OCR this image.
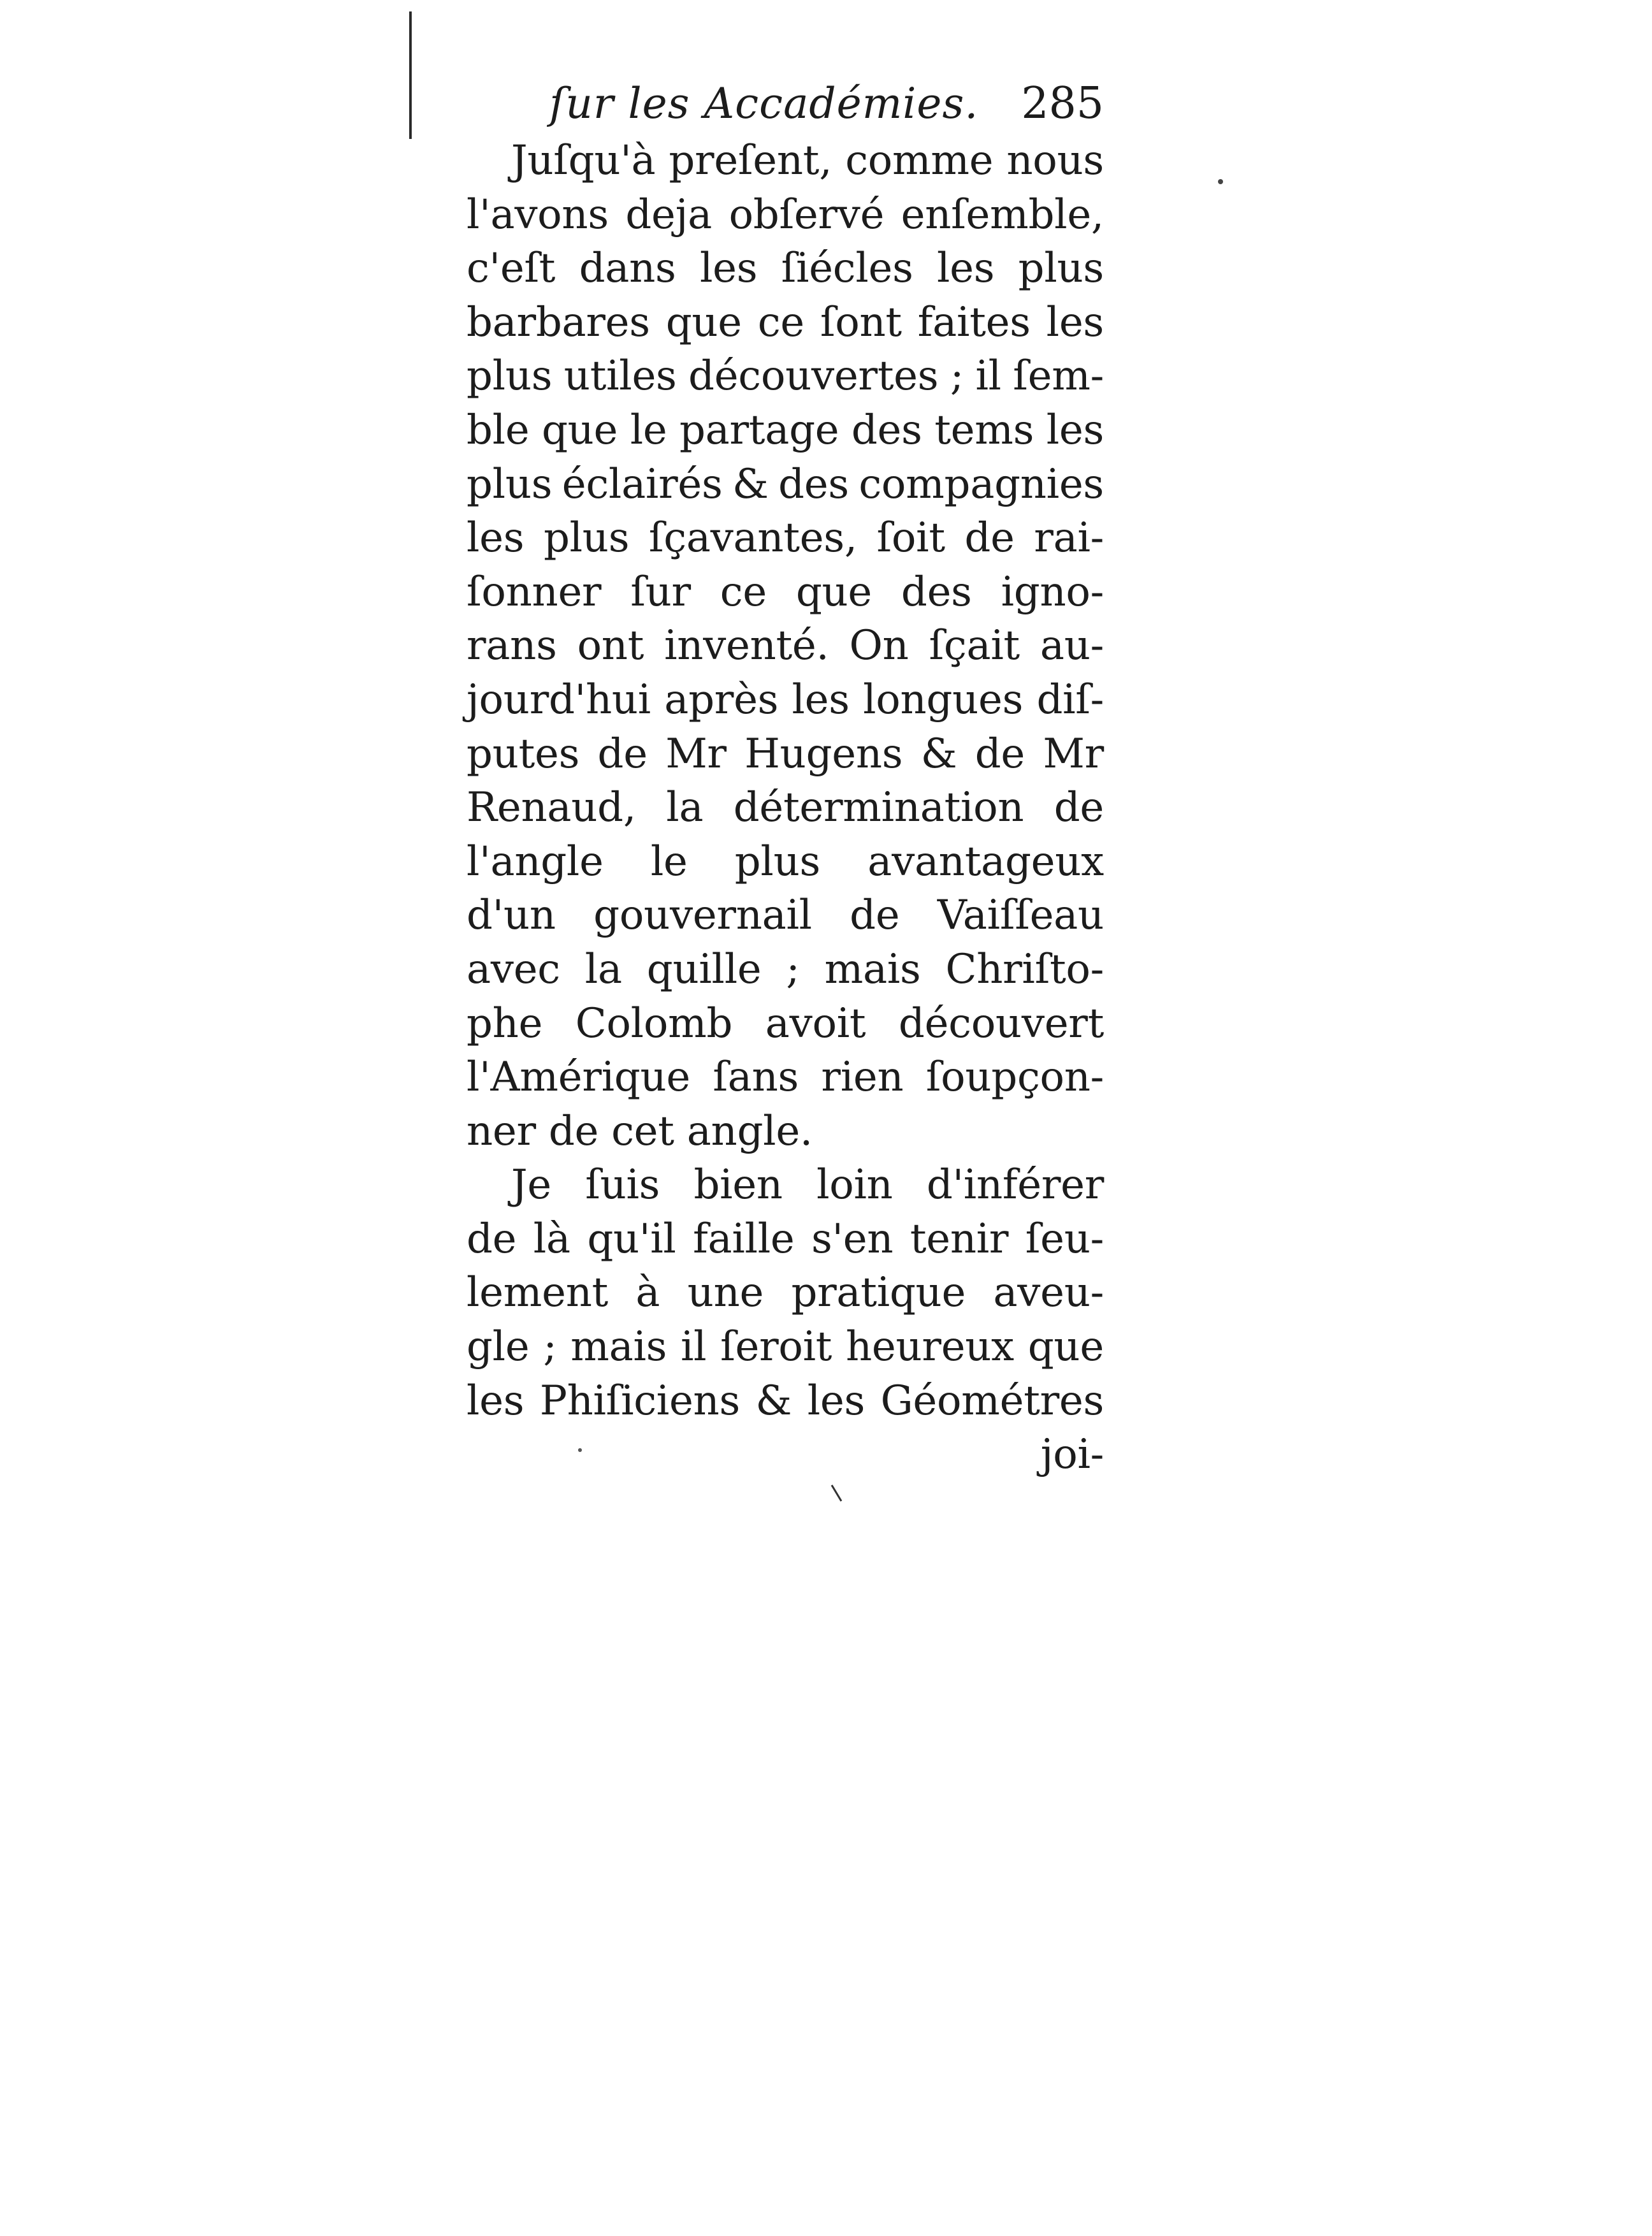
ſur les Accadémies. 285
Juſqu'à preſent, comme nous
l'avons deja obſervé enſemble,
c'eſt dans les ſiécles les plus
barbares que ce ſont faites les
plus utiles découvertes ; il ſem-
ble que le partage des tems les
plus éclairés & des compagnies
les plus ſçavantes, ſoit de rai-
ſonner ſur ce que des igno-
rans ont inventé. On ſçait au-
jourd'hui après les longues diſ-
putes de Mr Hugens & de Mr
Renaud, la détermination de
l'angle le plus avantageux
d'un gouvernail de Vaiſſeau
avec la quille ; mais Chriſto-
phe Colomb avoit découvert
l'Amérique ſans rien ſoupçon-
ner de cet angle.
Je ſuis bien loin d'inférer
de là qu'il faille s'en tenir ſeu-
lement à une pratique aveu-
gle ; mais il ſeroit heureux que
les Phiſiciens & les Géométres
joi-
